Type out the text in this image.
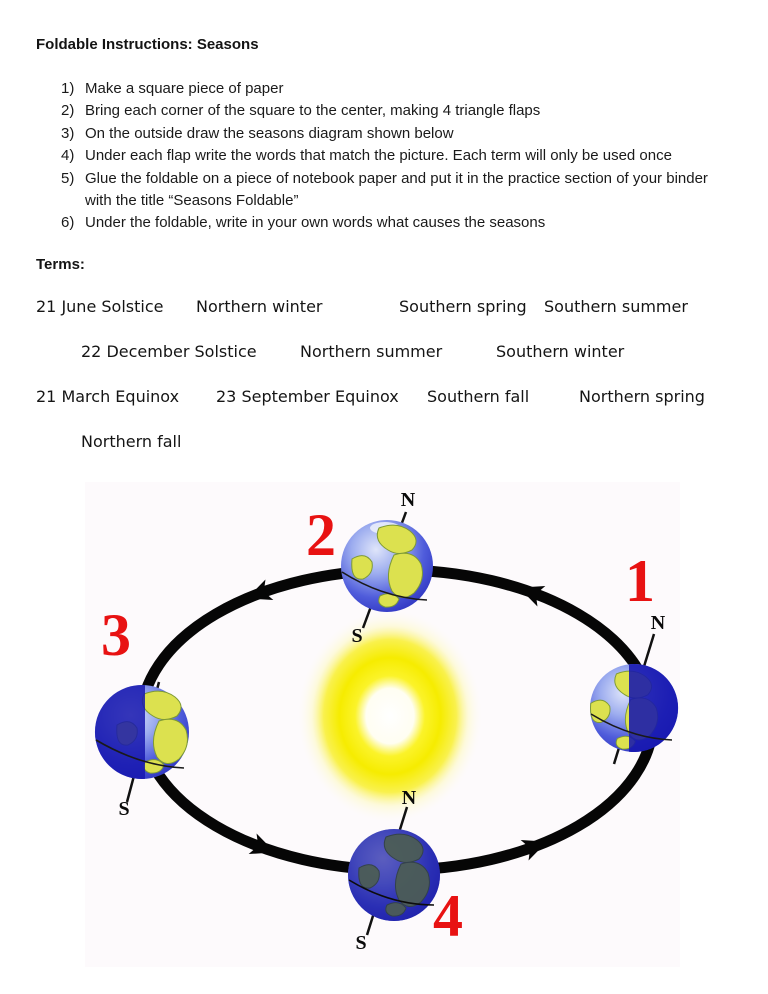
Foldable Instructions: Seasons
1) Make a square piece of paper
2) Bring each corner of the square to the center, making 4 triangle flaps
3) On the outside draw the seasons diagram shown below
4) Under each flap write the words that match the picture. Each term will only be used once
5) Glue the foldable on a piece of notebook paper and put it in the practice section of your binder with the title “Seasons Foldable”
6) Under the foldable, write in your own words what causes the seasons
Terms:
21 June Solstice Northern winter	Southern spring Southern summer
22 December Solstice	Northern summer	Southern winter
21 March Equinox 23 September Equinox Southern fall	Northern spring
Northern fall
N
S
N
S	N
S
1
2
3
4
